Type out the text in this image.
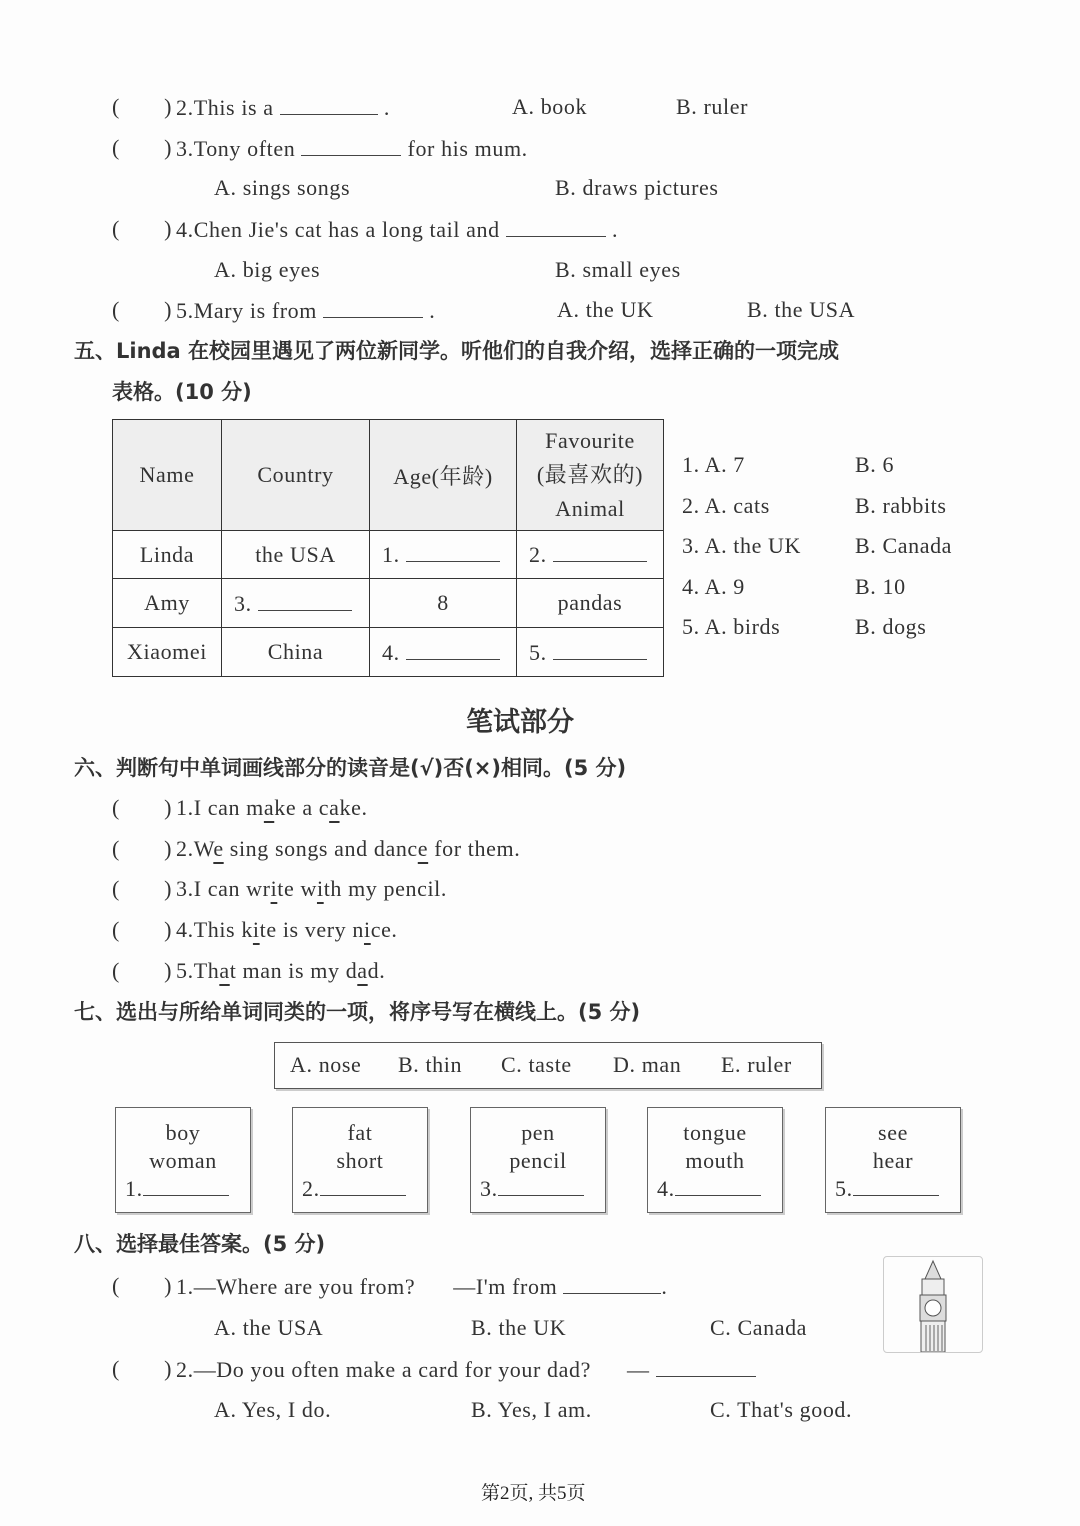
( )
2.This is a	.	A. book	B. ruler
( )
3.Tony often	for his mum.
A. sings songs	B. draws pictures
( )
4.Chen Jie's cat has a long tail and	.
A. big eyes	B. small eyes
( )
5.Mary is from	.	A. the UK	B. the USA
五、Linda 在校园里遇见了两位新同学。听他们的自我介绍，选择正确的一项完成
表格。(10 分)
Name	Country	Age(年龄)	Favourite
(最喜欢的)
Animal
Linda	the USA	1.	2.
Amy	3.	8	pandas
Xiaomei	China	4.	5.
1. A. 7	B. 6
2. A. cats	B. rabbits
3. A. the UK B. Canada
4. A. 9	B. 10
5. A. birds	B. dogs
笔试部分
六、判断句中单词画线部分的读音是(√)否(×)相同。(5 分)
( )
1.I can make a cake.
( )
2.We sing songs and dance for them.
( )
3.I can write with my pencil.
( )
4.This kite is very nice.
( )
5.That man is my dad.
七、选出与所给单词同类的一项，将序号写在横线上。(5 分)
A. nose B. thin C. taste D. man E. ruler
boy
woman
1.
fat
short
2.
pen
pencil
3.
tongue
mouth
4.
see
hear
5.
八、选择最佳答案。(5 分)
( )
1.—Where are you from? —I'm from	.
A. the USA	B. the UK	C. Canada
( )
2.—Do you often make a card for your dad? —
A. Yes, I do.	B. Yes, I am.	C. That's good.
第2页, 共5页
